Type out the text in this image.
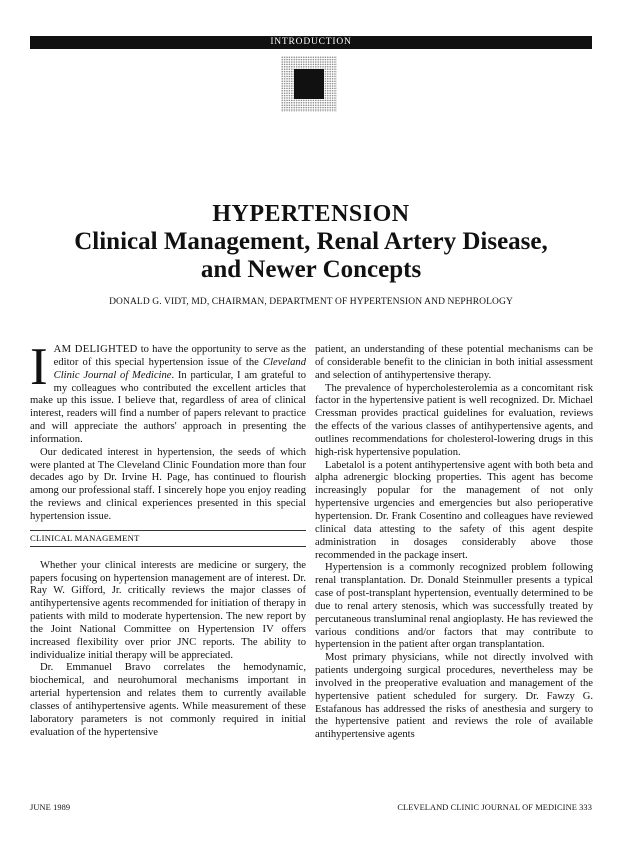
INTRODUCTION
HYPERTENSION
Clinical Management, Renal Artery Disease,
and Newer Concepts
DONALD G. VIDT, MD, CHAIRMAN, DEPARTMENT OF HYPERTENSION AND NEPHROLOGY

IAM DELIGHTED to have the opportunity to serve as the editor of this special hypertension issue of the Cleveland Clinic Journal of Medicine. In particular, I am grateful to my colleagues who contributed the excellent articles that make up this issue. I believe that, regardless of area of clinical interest, readers will find a number of papers relevant to practice and will appreciate the authors' approach in presenting the information.

Our dedicated interest in hypertension, the seeds of which were planted at The Cleveland Clinic Foundation more than four decades ago by Dr. Irvine H. Page, has continued to flourish among our professional staff. I sincerely hope you enjoy reading the reviews and clinical experiences presented in this special hypertension issue.

CLINICAL MANAGEMENT

Whether your clinical interests are medicine or surgery, the papers focusing on hypertension management are of interest. Dr. Ray W. Gifford, Jr. critically reviews the major classes of antihypertensive agents recommended for initiation of therapy in patients with mild to moderate hypertension. The new report by the Joint National Committee on Hypertension IV offers increased flexibility over prior JNC reports. The ability to individualize initial therapy will be appreciated.

Dr. Emmanuel Bravo correlates the hemodynamic, biochemical, and neurohumoral mechanisms important in arterial hypertension and relates them to currently available classes of antihypertensive agents. While measurement of these laboratory parameters is not commonly required in initial evaluation of the hypertensive

patient, an understanding of these potential mechanisms can be of considerable benefit to the clinician in both initial assessment and selection of antihypertensive therapy.

The prevalence of hypercholesterolemia as a concomitant risk factor in the hypertensive patient is well recognized. Dr. Michael Cressman provides practical guidelines for evaluation, reviews the effects of the various classes of antihypertensive agents, and outlines recommendations for cholesterol-lowering drugs in this high-risk hypertensive population.

Labetalol is a potent antihypertensive agent with both beta and alpha adrenergic blocking properties. This agent has become increasingly popular for the management of not only hypertensive urgencies and emergencies but also perioperative hypertension. Dr. Frank Cosentino and colleagues have reviewed clinical data attesting to the safety of this agent despite administration in dosages considerably above those recommended in the package insert.

Hypertension is a commonly recognized problem following renal transplantation. Dr. Donald Steinmuller presents a typical case of post-transplant hypertension, eventually determined to be due to renal artery stenosis, which was successfully treated by percutaneous transluminal renal angioplasty. He has reviewed the various conditions and/or factors that may contribute to hypertension in the patient after organ transplantation.

Most primary physicians, while not directly involved with patients undergoing surgical procedures, nevertheless may be involved in the preoperative evaluation and management of the hypertensive patient scheduled for surgery. Dr. Fawzy G. Estafanous has addressed the risks of anesthesia and surgery to the hypertensive patient and reviews the role of available antihypertensive agents

JUNE 1989	CLEVELAND CLINIC JOURNAL OF MEDICINE 333
